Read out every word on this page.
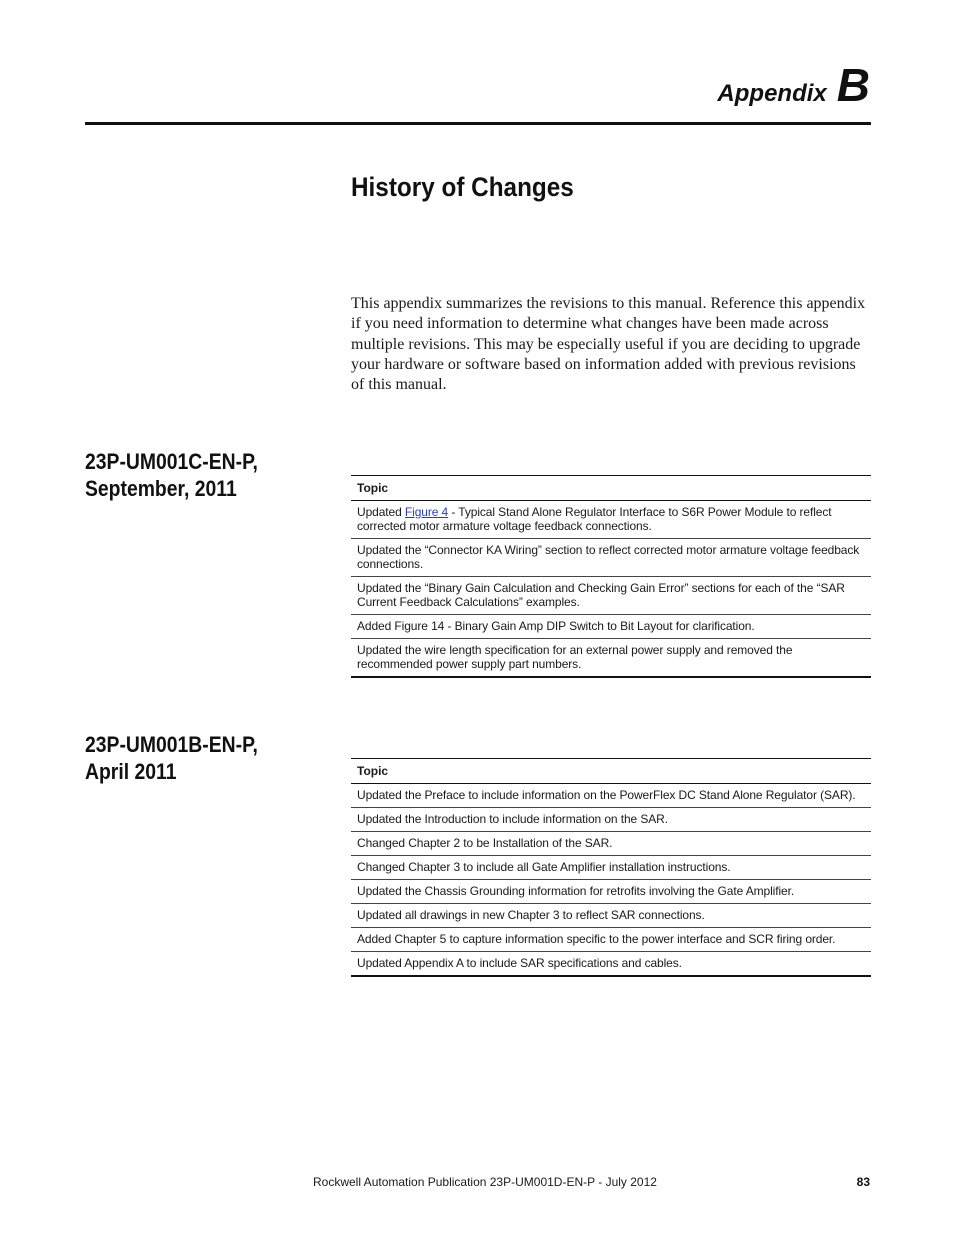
Appendix B
History of Changes

This appendix summarizes the revisions to this manual. Reference this appendix if you need information to determine what changes have been made across multiple revisions. This may be especially useful if you are deciding to upgrade your hardware or software based on information added with previous revisions of this manual.

23P-UM001C-EN-P,
September, 2011	Topic
Updated Figure 4 - Typical Stand Alone Regulator Interface to S6R Power Module to reflect corrected motor armature voltage feedback connections.
Updated the “Connector KA Wiring” section to reflect corrected motor armature voltage feedback connections.
Updated the “Binary Gain Calculation and Checking Gain Error” sections for each of the “SAR Current Feedback Calculations” examples.
Added Figure 14 - Binary Gain Amp DIP Switch to Bit Layout for clarification.
Updated the wire length specification for an external power supply and removed the recommended power supply part numbers.
23P-UM001B-EN-P,
April 2011	Topic
Updated the Preface to include information on the PowerFlex DC Stand Alone Regulator (SAR).
Updated the Introduction to include information on the SAR.
Changed Chapter 2 to be Installation of the SAR.
Changed Chapter 3 to include all Gate Amplifier installation instructions.
Updated the Chassis Grounding information for retrofits involving the Gate Amplifier.
Updated all drawings in new Chapter 3 to reflect SAR connections.
Added Chapter 5 to capture information specific to the power interface and SCR firing order.
Updated Appendix A to include SAR specifications and cables.
Rockwell Automation Publication 23P-UM001D-EN-P - July 2012	83
